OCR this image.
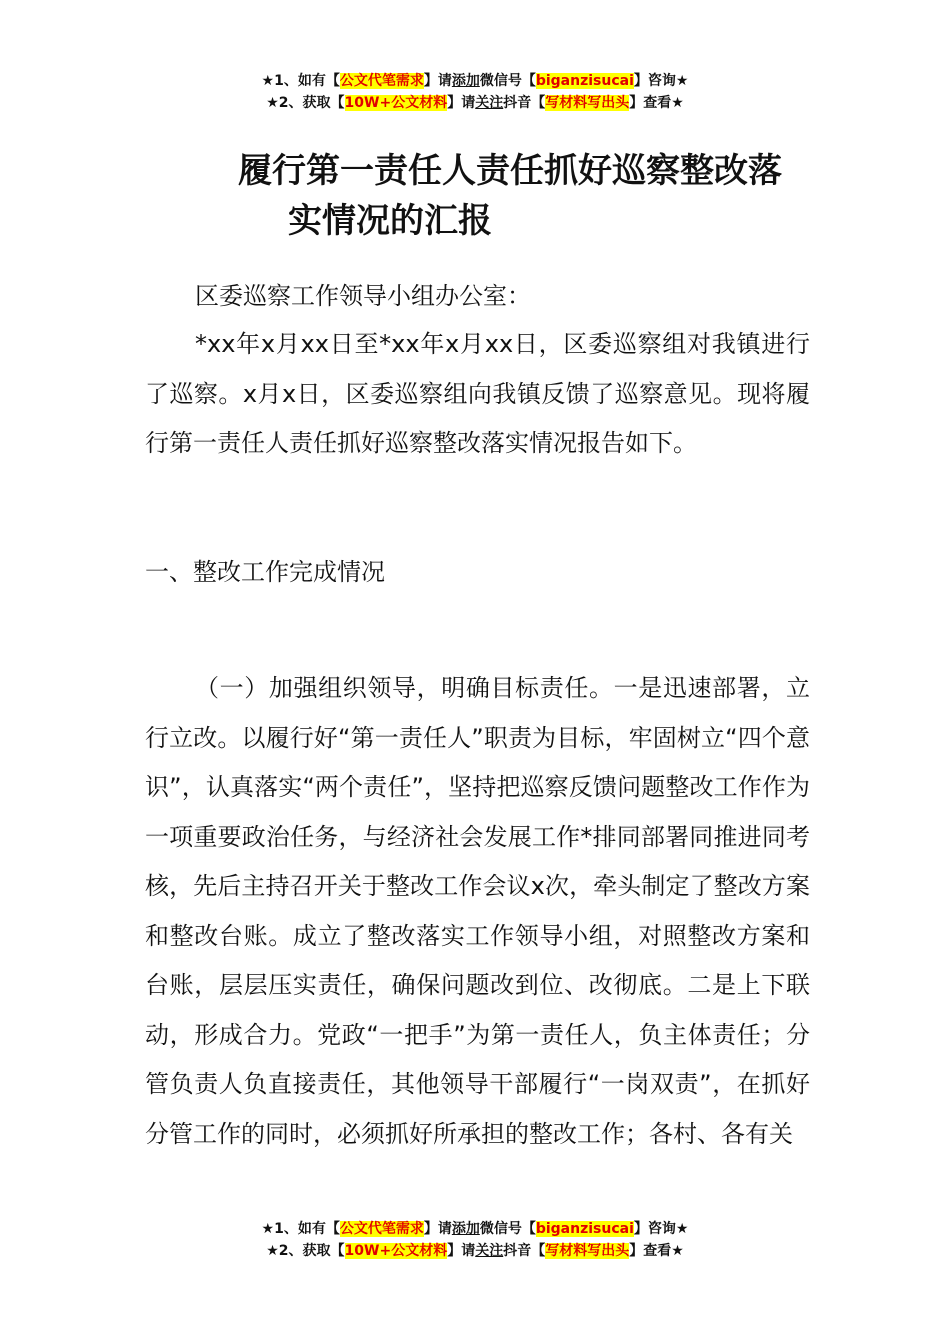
★1、如有【公文代笔需求】请添加微信号【biganzisucai】咨询★
★2、获取【10W+公文材料】请关注抖音【写材料写出头】查看★
履行第一责任人责任抓好巡察整改落
实情况的汇报

区委巡察工作领导小组办公室：

*xx年x月xx日至*xx年x月xx日，区委巡察组对我镇进行了巡察。x月x日，区委巡察组向我镇反馈了巡察意见。现将履行第一责任人责任抓好巡察整改落实情况报告如下。

一、整改工作完成情况

（一）加强组织领导，明确目标责任。一是迅速部署，立行立改。以履行好“第一责任人”职责为目标，牢固树立“四个意识”，认真落实“两个责任”，坚持把巡察反馈问题整改工作作为一项重要政治任务，与经济社会发展工作*排同部署同推进同考核，先后主持召开关于整改工作会议x次，牵头制定了整改方案和整改台账。成立了整改落实工作领导小组，对照整改方案和台账，层层压实责任，确保问题改到位、改彻底。二是上下联动，形成合力。党政“一把手”为第一责任人，负主体责任；分管负责人负直接责任，其他领导干部履行“一岗双责”，在抓好分管工作的同时，必须抓好所承担的整改工作；各村、各有关

★1、如有【公文代笔需求】请添加微信号【biganzisucai】咨询★
★2、获取【10W+公文材料】请关注抖音【写材料写出头】查看★
